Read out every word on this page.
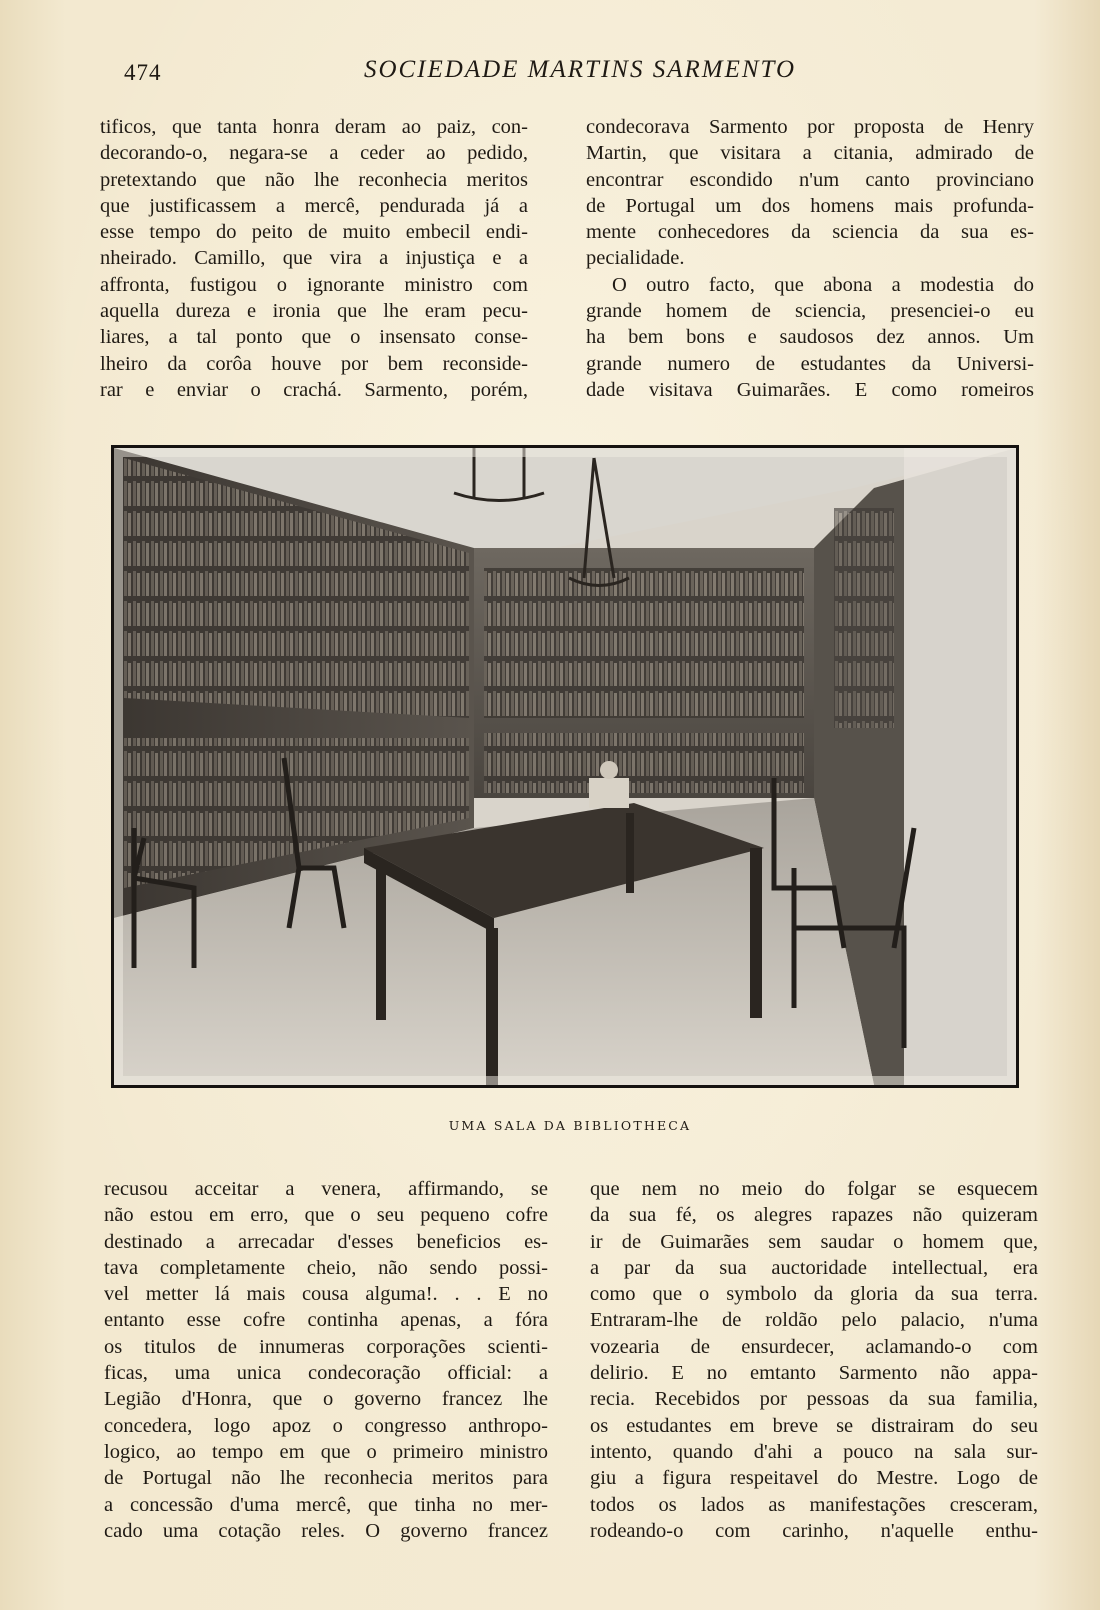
474	SOCIEDADE MARTINS SARMENTO
tificos, que tanta honra deram ao paiz, con-
decorando-o, negara-se a ceder ao pedido,
pretextando que não lhe reconhecia meritos
que justificassem a mercê, pendurada já a
esse tempo do peito de muito embecil endi-
nheirado. Camillo, que vira a injustiça e a
affronta, fustigou o ignorante ministro com
aquella dureza e ironia que lhe eram pecu-
liares, a tal ponto que o insensato conse-
lheiro da corôa houve por bem reconside-
rar e enviar o crachá. Sarmento, porém,
condecorava Sarmento por proposta de Henry
Martin, que visitara a citania, admirado de
encontrar escondido n'um canto provinciano
de Portugal um dos homens mais profunda-
mente conhecedores da sciencia da sua es-
pecialidade.
O outro facto, que abona a modestia do
grande homem de sciencia, presenciei-o eu
ha bem bons e saudosos dez annos. Um
grande numero de estudantes da Universi-
dade visitava Guimarães. E como romeiros
UMA SALA DA BIBLIOTHECA
recusou acceitar a venera, affirmando, se
não estou em erro, que o seu pequeno cofre
destinado a arrecadar d'esses beneficios es-
tava completamente cheio, não sendo possi-
vel metter lá mais cousa alguma!. . . E no
entanto esse cofre continha apenas, a fóra
os titulos de innumeras corporações scienti-
ficas, uma unica condecoração official: a
Legião d'Honra, que o governo francez lhe
concedera, logo apoz o congresso anthropo-
logico, ao tempo em que o primeiro ministro
de Portugal não lhe reconhecia meritos para
a concessão d'uma mercê, que tinha no mer-
cado uma cotação reles. O governo francez
que nem no meio do folgar se esquecem
da sua fé, os alegres rapazes não quizeram
ir de Guimarães sem saudar o homem que,
a par da sua auctoridade intellectual, era
como que o symbolo da gloria da sua terra.
Entraram-lhe de roldão pelo palacio, n'uma
vozearia de ensurdecer, aclamando-o com
delirio. E no emtanto Sarmento não appa-
recia. Recebidos por pessoas da sua familia,
os estudantes em breve se distrairam do seu
intento, quando d'ahi a pouco na sala sur-
giu a figura respeitavel do Mestre. Logo de
todos os lados as manifestações cresceram,
rodeando-o com carinho, n'aquelle enthu-
